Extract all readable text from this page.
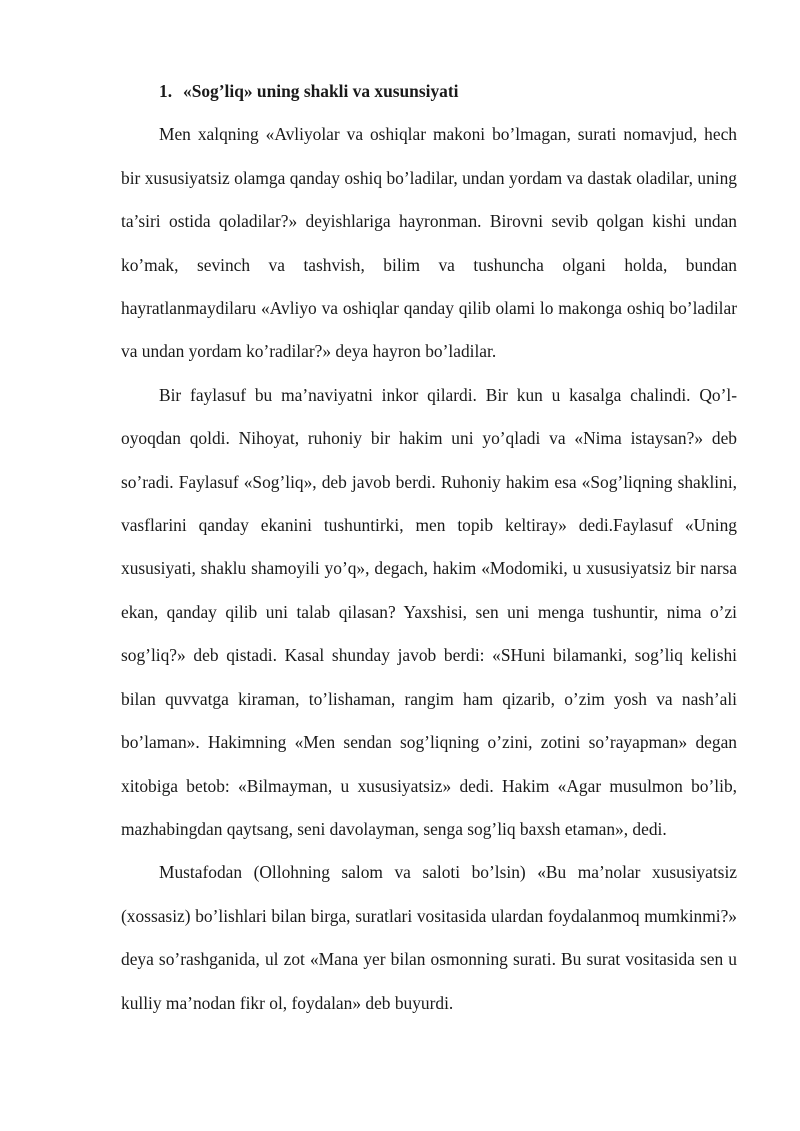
1. «Sog’liq» uning shakli va xusunsiyati

Men xalqning «Avliyolar va oshiqlar makoni bo’lmagan, surati nomavjud, hech bir xususiyatsiz olamga qanday oshiq bo’ladilar, undan yordam va dastak oladilar, uning ta’siri ostida qoladilar?» deyishlariga hayronman. Birovni sevib qolgan kishi undan ko’mak, sevinch va tashvish, bilim va tushuncha olgani holda, bundan hayratlanmaydilaru «Avliyo va oshiqlar qanday qilib olami lo makonga oshiq bo’ladilar va undan yordam ko’radilar?» deya hayron bo’ladilar.

Bir faylasuf bu ma’naviyatni inkor qilardi. Bir kun u kasalga chalindi. Qo’l-oyoqdan qoldi. Nihoyat, ruhoniy bir hakim uni yo’qladi va «Nima istaysan?» deb so’radi. Faylasuf «Sog’liq», deb javob berdi. Ruhoniy hakim esa «Sog’liqning shaklini, vasflarini qanday ekanini tushuntirki, men topib keltiray» dedi.Faylasuf «Uning xususiyati, shaklu shamoyili yo’q», degach, hakim «Modomiki, u xususiyatsiz bir narsa ekan, qanday qilib uni talab qilasan? Yaxshisi, sen uni menga tushuntir, nima o’zi sog’liq?» deb qistadi. Kasal shunday javob berdi: «SHuni bilamanki, sog’liq kelishi bilan quvvatga kiraman, to’lishaman, rangim ham qizarib, o’zim yosh va nash’ali bo’laman». Hakimning «Men sendan sog’liqning o’zini, zotini so’rayapman» degan xitobiga betob: «Bilmayman, u xususiyatsiz» dedi. Hakim «Agar musulmon bo’lib, mazhabingdan qaytsang, seni davolayman, senga sog’liq baxsh etaman», dedi.

Mustafodan (Ollohning salom va saloti bo’lsin) «Bu ma’nolar xususiyatsiz (xossasiz) bo’lishlari bilan birga, suratlari vositasida ulardan foydalanmoq mumkinmi?» deya so’rashganida, ul zot «Mana yer bilan osmonning surati. Bu surat vositasida sen u kulliy ma’nodan fikr ol, foydalan» deb buyurdi.
